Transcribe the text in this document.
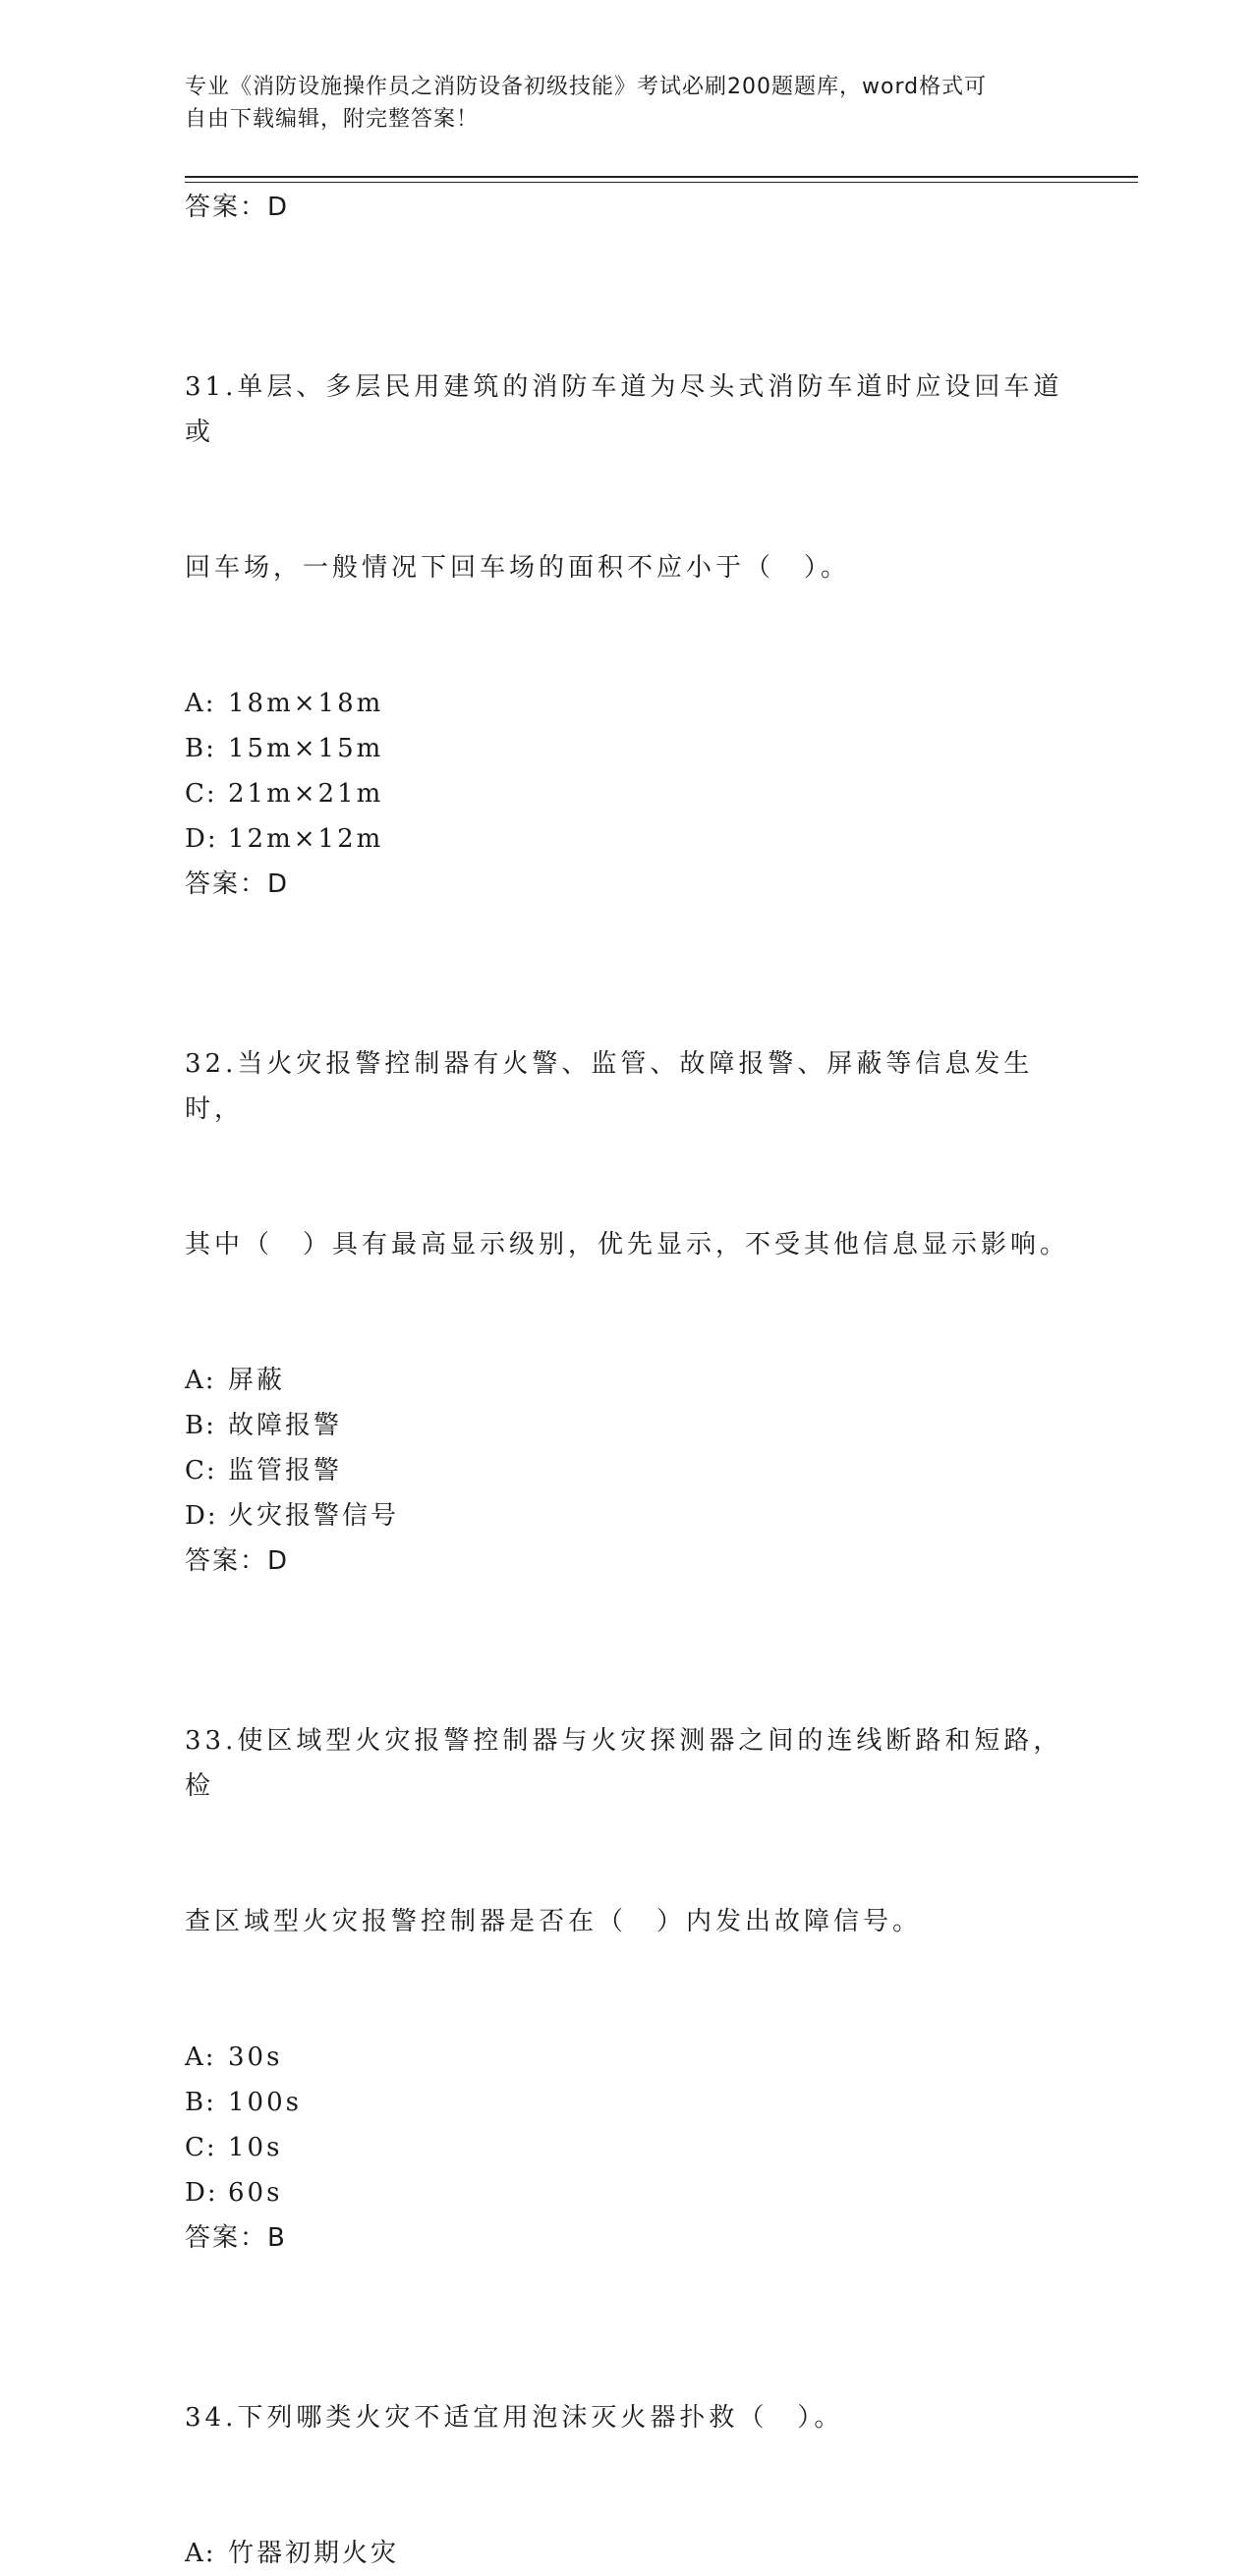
专业《消防设施操作员之消防设备初级技能》考试必刷200题题库，word格式可
自由下载编辑，附完整答案！
答案：D

31.单层、多层民用建筑的消防车道为尽头式消防车道时应设回车道或

回车场，一般情况下回车场的面积不应小于（　）。

A: 18m×18m
B: 15m×15m
C: 21m×21m
D: 12m×12m
答案：D

32.当火灾报警控制器有火警、监管、故障报警、屏蔽等信息发生时，

其中（　）具有最高显示级别，优先显示，不受其他信息显示影响。

A: 屏蔽
B: 故障报警
C: 监管报警
D: 火灾报警信号
答案：D

33.使区域型火灾报警控制器与火灾探测器之间的连线断路和短路，检

查区域型火灾报警控制器是否在（　）内发出故障信号。

A: 30s
B: 100s
C: 10s
D: 60s
答案：B

34.下列哪类火灾不适宜用泡沫灭火器扑救（　）。

A: 竹器初期火灾
